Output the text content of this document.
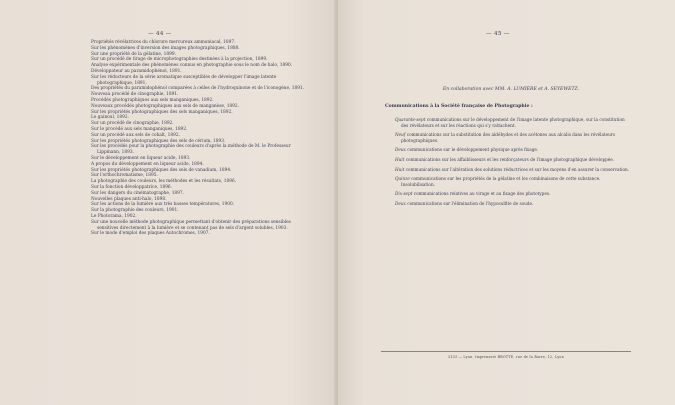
— 44 —
Propriétés révélatrices du chlorure mercureux ammoniacal, 1897.
Sur les phénomènes d'inversion des images photographiques, 1888.
Sur une propriété de la gélatine, 1899.
Sur un procédé de tirage de microphotographies destinées à la projection, 1899.
Analyse expérimentale des phénomènes connus en photographie sous le nom de halo, 1890.
Développateur au paramidophénol, 1891.
Sur les réducteurs de la série aromatique susceptibles de développer l'image latente photographique, 1891.
Des propriétés du paramidophénol comparées à celles de l'hydroquinone et de l'iconogène, 1891.
Nouveau procédé de cinographie, 1891.
Procédés photographiques aux sels manganiques, 1892.
Nouveaux procédés photographiques aux sels de manganèse, 1892.
Sur les propriétés photographiques des sels manganiques, 1892.
Le gainoul, 1892.
Sur un procédé de cinographie, 1892.
Sur le procédé aux sels manganiques, 1892.
Sur un procédé aux sels de cobalt, 1892.
Sur les propriétés photographiques des sels de cérium, 1893.
Sur les procédés pour la photographie des couleurs d'après la méthode de M. le Professeur Lippmann, 1893.
Sur le développement en liqueur acide, 1893.
A propos du développement en liqueur acide, 1894.
Sur les propriétés photographiques des sels de vanadium, 1894.
Sur l'orthochromatisme, 1895.
La photographie des couleurs, les méthodes et les résultats, 1896.
Sur la fonction développatrice, 1896.
Sur les dangers du cinématographe, 1897.
Nouvelles plaques anti-halo, 1898.
Sur les actions de la lumière aux très basses températures, 1900.
Sur la photographie des couleurs, 1901.
Le Photorama, 1902.
Sur une nouvelle méthode photographique permettant d'obtenir des préparations sensibles sensitives directement à la lumière et se contenant pas de sels d'argent solubles, 1903.
Sur le mode d'emploi des plaques Autochromes, 1907.
— 45 —
En collaboration avec MM. A. LUMIÈRE et A. SEYEWETZ.
Communications à la Société française de Photographie :
Quarante-sept communications sur le développement de l'image latente photographique, sur la constitution des révélateurs et sur les réactions qui s'y rattachent.
Neuf communications sur la substitution des aldéhydes et des acétones aux alcalis dans les révélateurs photographiques.
Deux communications sur le développement physique après fixage.
Huit communications sur les affaiblisseurs et les renforçateurs de l'image photographique développée.
Huit communications sur l'altération des solutions réductrices et sur les moyens d'en assurer la conservation.
Quinze communications sur les propriétés de la gélatine et les combinaisons de cette substance. Insolubilisation.
Dix-sept communications relatives au virage et au fixage des phototypes.
Deux communications sur l'élimination de l'hyposulfite de soude.
3133 — Lyon. Imprimerie BROTTE, rue de la Barre, 12, Lyon
